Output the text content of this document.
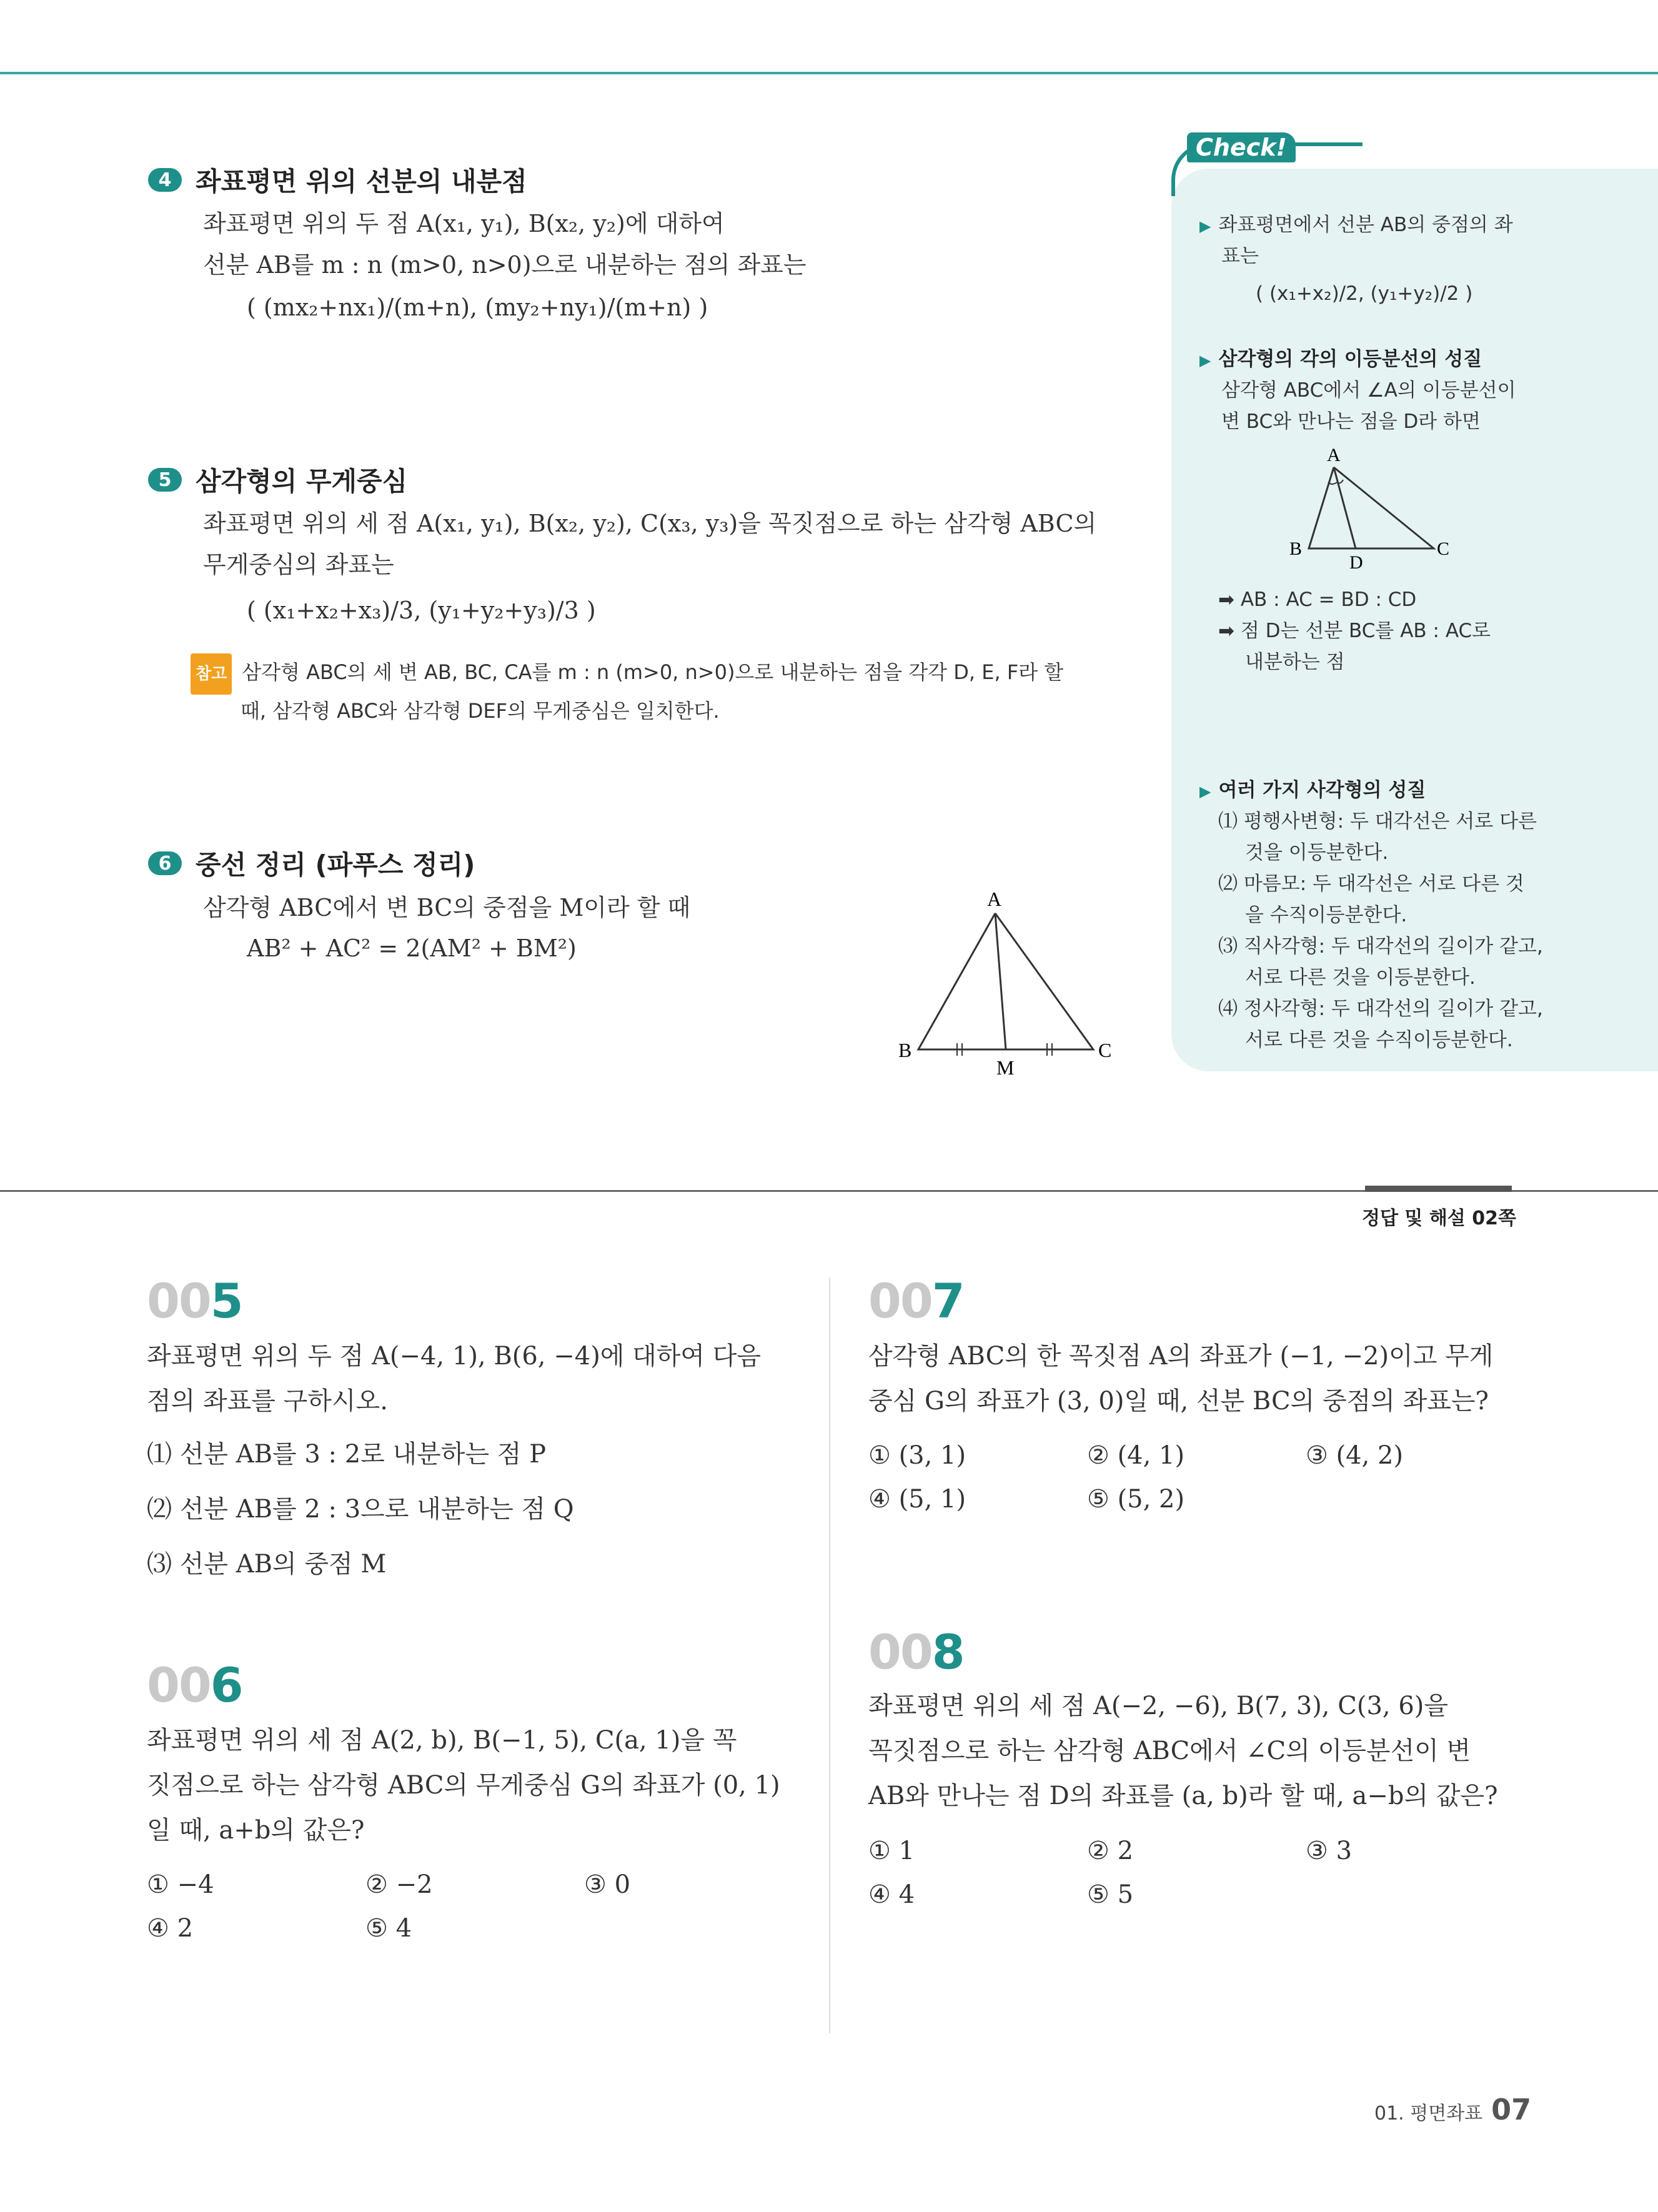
4 좌표평면 위의 선분의 내분점
좌표평면 위의 두 점 A(x₁, y₁), B(x₂, y₂)에 대하여
선분 AB를 m : n (m>0, n>0)으로 내분하는 점의 좌표는
( (mx₂+nx₁)/(m+n), (my₂+ny₁)/(m+n) )
5 삼각형의 무게중심
좌표평면 위의 세 점 A(x₁, y₁), B(x₂, y₂), C(x₃, y₃)을 꼭짓점으로 하는 삼각형 ABC의
무게중심의 좌표는
( (x₁+x₂+x₃)/3, (y₁+y₂+y₃)/3 )
참고 삼각형 ABC의 세 변 AB, BC, CA를 m : n (m>0, n>0)으로 내분하는 점을 각각 D, E, F라 할
때, 삼각형 ABC와 삼각형 DEF의 무게중심은 일치한다.
6 중선 정리 (파푸스 정리)
삼각형 ABC에서 변 BC의 중점을 M이라 할 때
AB² + AC² = 2(AM² + BM²)
A
B	C
M
Check!
▶ 좌표평면에서 선분 AB의 중점의 좌
표는
( (x₁+x₂)/2, (y₁+y₂)/2 )
▶ 삼각형의 각의 이등분선의 성질
삼각형 ABC에서 ∠A의 이등분선이
변 BC와 만나는 점을 D라 하면
A
B	C
D
➡ AB : AC = BD : CD
➡ 점 D는 선분 BC를 AB : AC로
내분하는 점
▶ 여러 가지 사각형의 성질
⑴ 평행사변형: 두 대각선은 서로 다른
것을 이등분한다.
⑵ 마름모: 두 대각선은 서로 다른 것
을 수직이등분한다.
⑶ 직사각형: 두 대각선의 길이가 같고,
서로 다른 것을 이등분한다.
⑷ 정사각형: 두 대각선의 길이가 같고,
서로 다른 것을 수직이등분한다.
정답 및 해설 02쪽
005
좌표평면 위의 두 점 A(−4, 1), B(6, −4)에 대하여 다음
점의 좌표를 구하시오.
⑴ 선분 AB를 3 : 2로 내분하는 점 P
⑵ 선분 AB를 2 : 3으로 내분하는 점 Q
⑶ 선분 AB의 중점 M
006
좌표평면 위의 세 점 A(2, b), B(−1, 5), C(a, 1)을 꼭
짓점으로 하는 삼각형 ABC의 무게중심 G의 좌표가 (0, 1)
일 때, a+b의 값은?
① −4	② −2	③ 0
④ 2	⑤ 4
007
삼각형 ABC의 한 꼭짓점 A의 좌표가 (−1, −2)이고 무게
중심 G의 좌표가 (3, 0)일 때, 선분 BC의 중점의 좌표는?
① (3, 1)	② (4, 1)	③ (4, 2)
④ (5, 1)	⑤ (5, 2)
008
좌표평면 위의 세 점 A(−2, −6), B(7, 3), C(3, 6)을
꼭짓점으로 하는 삼각형 ABC에서 ∠C의 이등분선이 변
AB와 만나는 점 D의 좌표를 (a, b)라 할 때, a−b의 값은?
① 1	② 2	③ 3
④ 4	⑤ 5
01. 평면좌표 07
